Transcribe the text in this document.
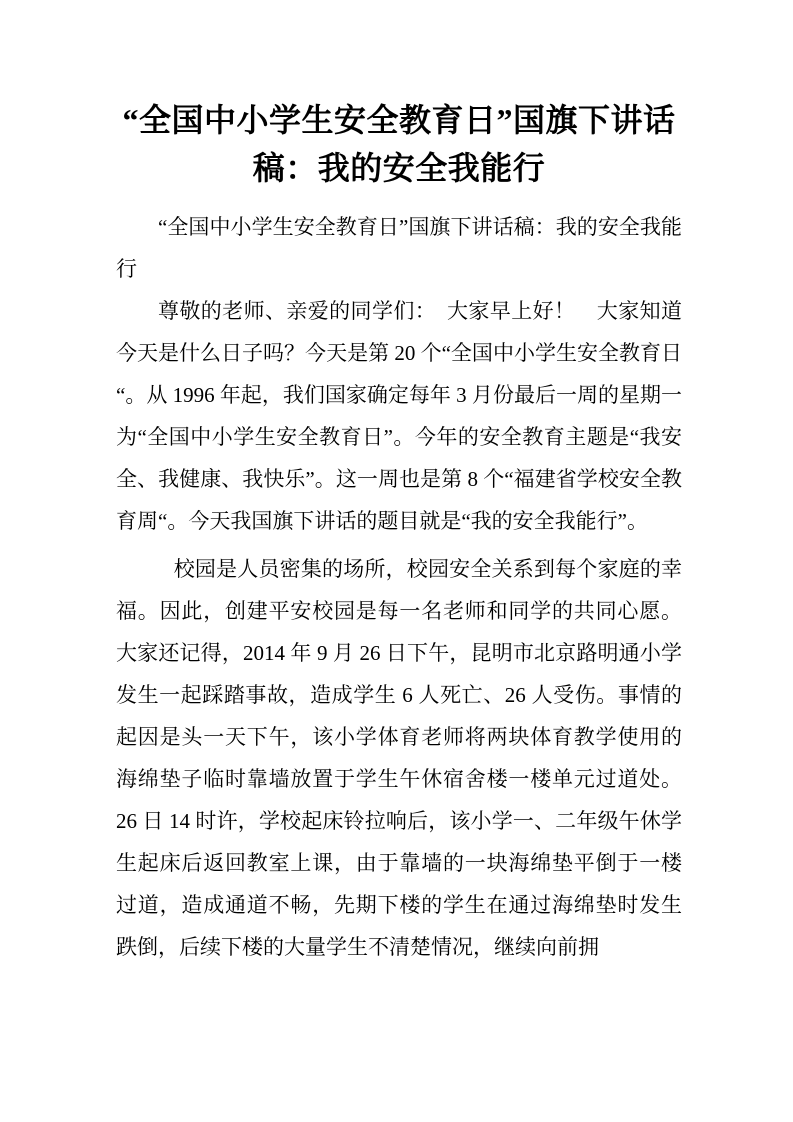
“全国中小学生安全教育日”国旗下讲话稿：我的安全我能行

“全国中小学生安全教育日”国旗下讲话稿：我的安全我能行

尊敬的老师、亲爱的同学们：　大家早上好！　大家知道今天是什么日子吗？今天是第 20 个“全国中小学生安全教育日“。从 1996 年起，我们国家确定每年 3 月份最后一周的星期一为“全国中小学生安全教育日”。今年的安全教育主题是“我安全、我健康、我快乐”。这一周也是第 8 个“福建省学校安全教育周“。今天我国旗下讲话的题目就是“我的安全我能行”。

校园是人员密集的场所，校园安全关系到每个家庭的幸福。因此，创建平安校园是每一名老师和同学的共同心愿。大家还记得，2014 年 9 月 26 日下午，昆明市北京路明通小学发生一起踩踏事故，造成学生 6 人死亡、26 人受伤。事情的起因是头一天下午，该小学体育老师将两块体育教学使用的海绵垫子临时靠墙放置于学生午休宿舍楼一楼单元过道处。26 日 14 时许，学校起床铃拉响后，该小学一、二年级午休学生起床后返回教室上课，由于靠墙的一块海绵垫平倒于一楼过道，造成通道不畅，先期下楼的学生在通过海绵垫时发生跌倒，后续下楼的大量学生不清楚情况，继续向前拥
